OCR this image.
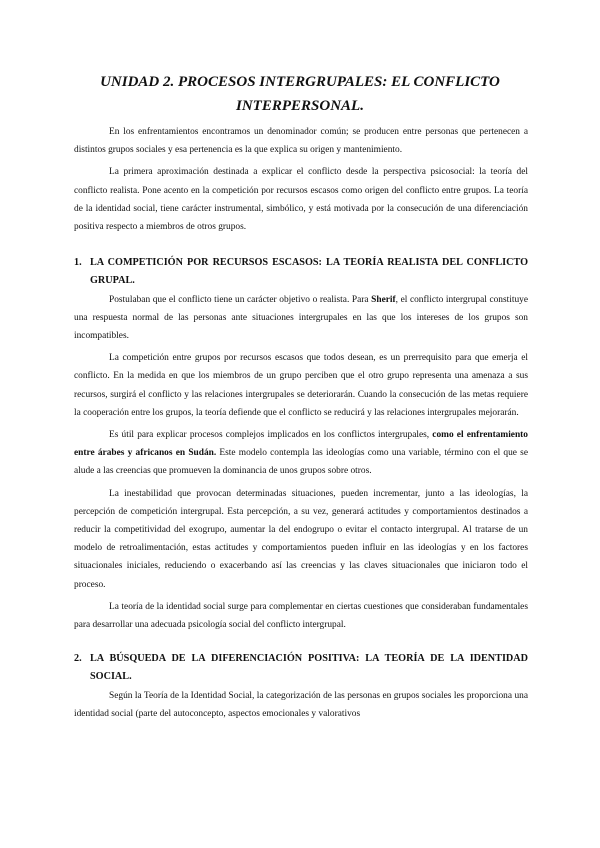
UNIDAD 2. PROCESOS INTERGRUPALES: EL CONFLICTO INTERPERSONAL.

En los enfrentamientos encontramos un denominador común; se producen entre personas que pertenecen a distintos grupos sociales y esa pertenencia es la que explica su origen y mantenimiento.

La primera aproximación destinada a explicar el conflicto desde la perspectiva psicosocial: la teoría del conflicto realista. Pone acento en la competición por recursos escasos como origen del conflicto entre grupos. La teoría de la identidad social, tiene carácter instrumental, simbólico, y está motivada por la consecución de una diferenciación positiva respecto a miembros de otros grupos.

1. LA COMPETICIÓN POR RECURSOS ESCASOS: LA TEORÍA REALISTA DEL CONFLICTO GRUPAL.

Postulaban que el conflicto tiene un carácter objetivo o realista. Para Sherif, el conflicto intergrupal constituye una respuesta normal de las personas ante situaciones intergrupales en las que los intereses de los grupos son incompatibles.

La competición entre grupos por recursos escasos que todos desean, es un prerrequisito para que emerja el conflicto. En la medida en que los miembros de un grupo perciben que el otro grupo representa una amenaza a sus recursos, surgirá el conflicto y las relaciones intergrupales se deteriorarán. Cuando la consecución de las metas requiere la cooperación entre los grupos, la teoría defiende que el conflicto se reducirá y las relaciones intergrupales mejorarán.

Es útil para explicar procesos complejos implicados en los conflictos intergrupales, como el enfrentamiento entre árabes y africanos en Sudán. Este modelo contempla las ideologías como una variable, término con el que se alude a las creencias que promueven la dominancia de unos grupos sobre otros.

La inestabilidad que provocan determinadas situaciones, pueden incrementar, junto a las ideologías, la percepción de competición intergrupal. Esta percepción, a su vez, generará actitudes y comportamientos destinados a reducir la competitividad del exogrupo, aumentar la del endogrupo o evitar el contacto intergrupal. Al tratarse de un modelo de retroalimentación, estas actitudes y comportamientos pueden influir en las ideologías y en los factores situacionales iniciales, reduciendo o exacerbando así las creencias y las claves situacionales que iniciaron todo el proceso.

La teoría de la identidad social surge para complementar en ciertas cuestiones que consideraban fundamentales para desarrollar una adecuada psicología social del conflicto intergrupal.

2. LA BÚSQUEDA DE LA DIFERENCIACIÓN POSITIVA: LA TEORÍA DE LA IDENTIDAD SOCIAL.

Según la Teoría de la Identidad Social, la categorización de las personas en grupos sociales les proporciona una identidad social (parte del autoconcepto, aspectos emocionales y valorativos
